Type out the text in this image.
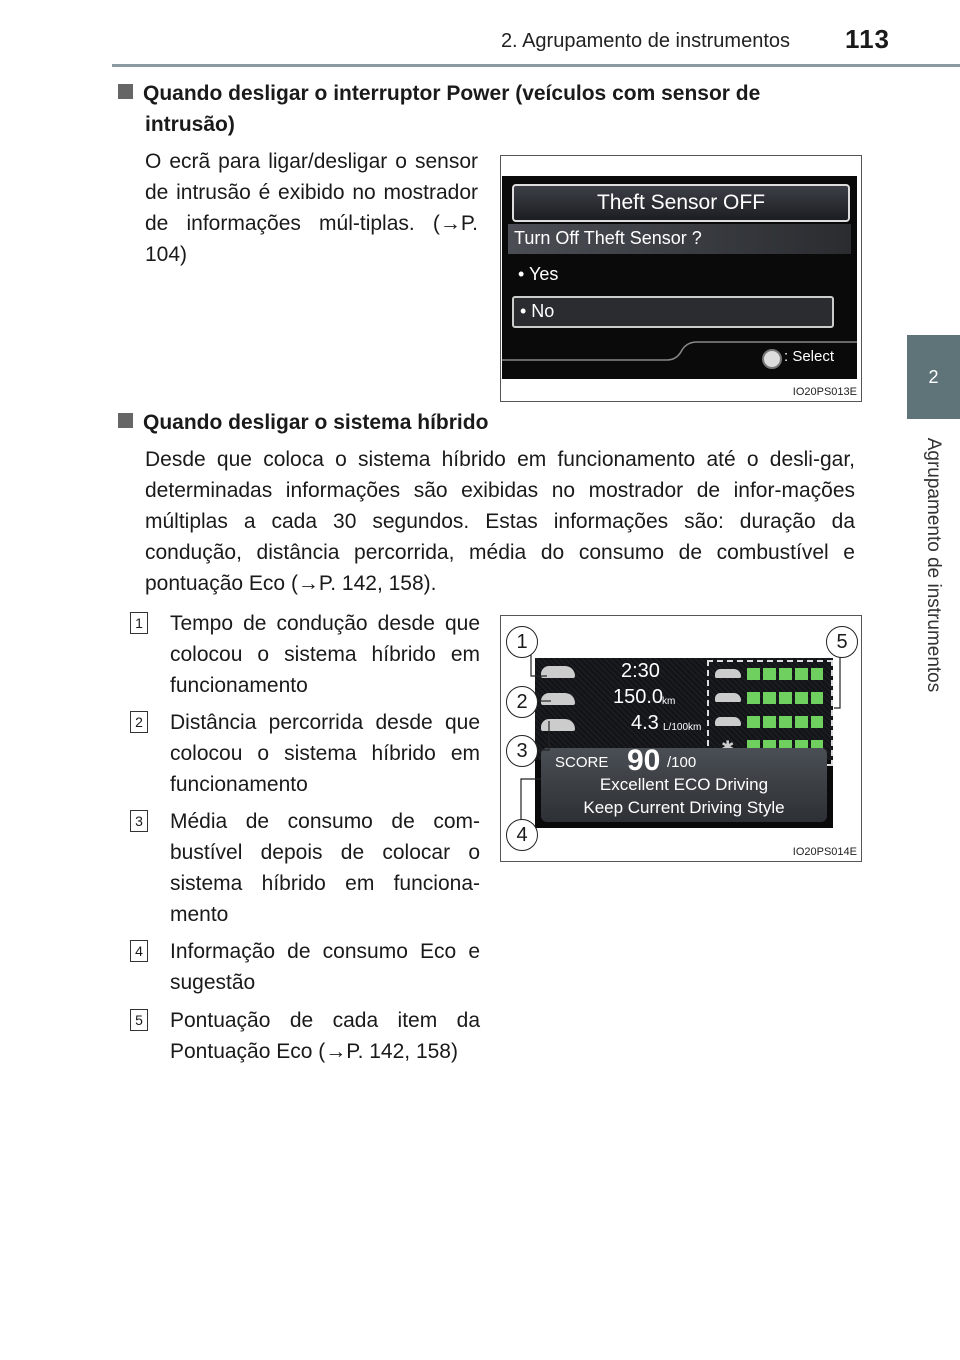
2. Agrupamento de instrumentos 113
2
Agrupamento de instrumentos
Quando desligar o interruptor Power (veículos com sensor de
intrusão)
O ecrã para ligar/desligar o sensor de intrusão é exibido no mostrador de informações múl-tiplas. (→P. 104)
Theft Sensor OFF
Turn Off Theft Sensor ?
• Yes
• No
: Select
IO20PS013E
Quando desligar o sistema híbrido
Desde que coloca o sistema híbrido em funcionamento até o desli-gar, determinadas informações são exibidas no mostrador de infor-mações múltiplas a cada 30 segundos. Estas informações são: duração da condução, distância percorrida, média do consumo de combustível e pontuação Eco (→P. 142, 158).
2:30
150.0
km
4.3 L/100km
SCORE 90 /100
Excellent ECO Driving
Keep Current Driving Style
1
2
3
4
5
IO20PS014E
1 Tempo de condução desde que colocou o sistema híbrido em funcionamento
2 Distância percorrida desde que colocou o sistema híbrido em funcionamento
3 Média de consumo de com-bustível depois de colocar o sistema híbrido em funciona-mento
4 Informação de consumo Eco e sugestão
5 Pontuação de cada item da Pontuação Eco (→P. 142, 158)
